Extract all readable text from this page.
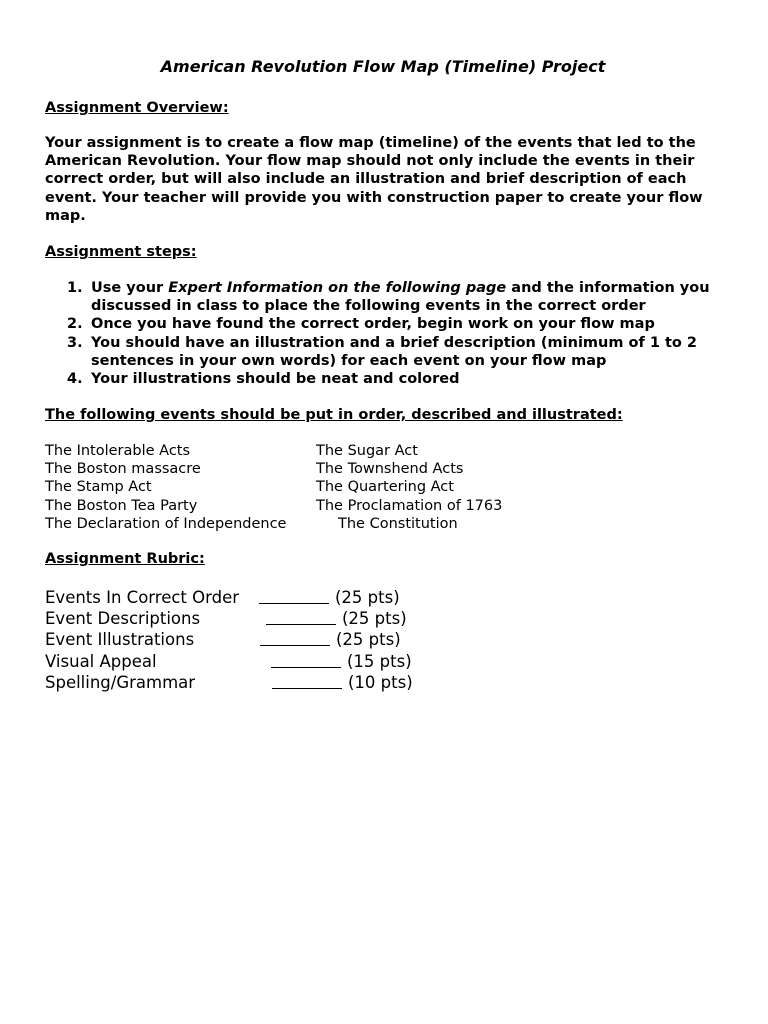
American Revolution Flow Map (Timeline) Project
Assignment Overview:
Your assignment is to create a flow map (timeline) of the events that led to the American Revolution. Your flow map should not only include the events in their correct order, but will also include an illustration and brief description of each event. Your teacher will provide you with construction paper to create your flow map.
Assignment steps:
1. Use your Expert Information on the following page and the information you discussed in class to place the following events in the correct order
2. Once you have found the correct order, begin work on your flow map
3. You should have an illustration and a brief description (minimum of 1 to 2 sentences in your own words) for each event on your flow map
4. Your illustrations should be neat and colored
The following events should be put in order, described and illustrated:
The Intolerable Acts	The Sugar Act
The Boston massacre	The Townshend Acts
The Stamp Act	The Quartering Act
The Boston Tea Party	The Proclamation of 1763
The Declaration of Independence	The Constitution
Assignment Rubric:
Events In Correct Order	(25 pts)
Event Descriptions	(25 pts)
Event Illustrations	(25 pts)
Visual Appeal	(15 pts)
Spelling/Grammar	(10 pts)
